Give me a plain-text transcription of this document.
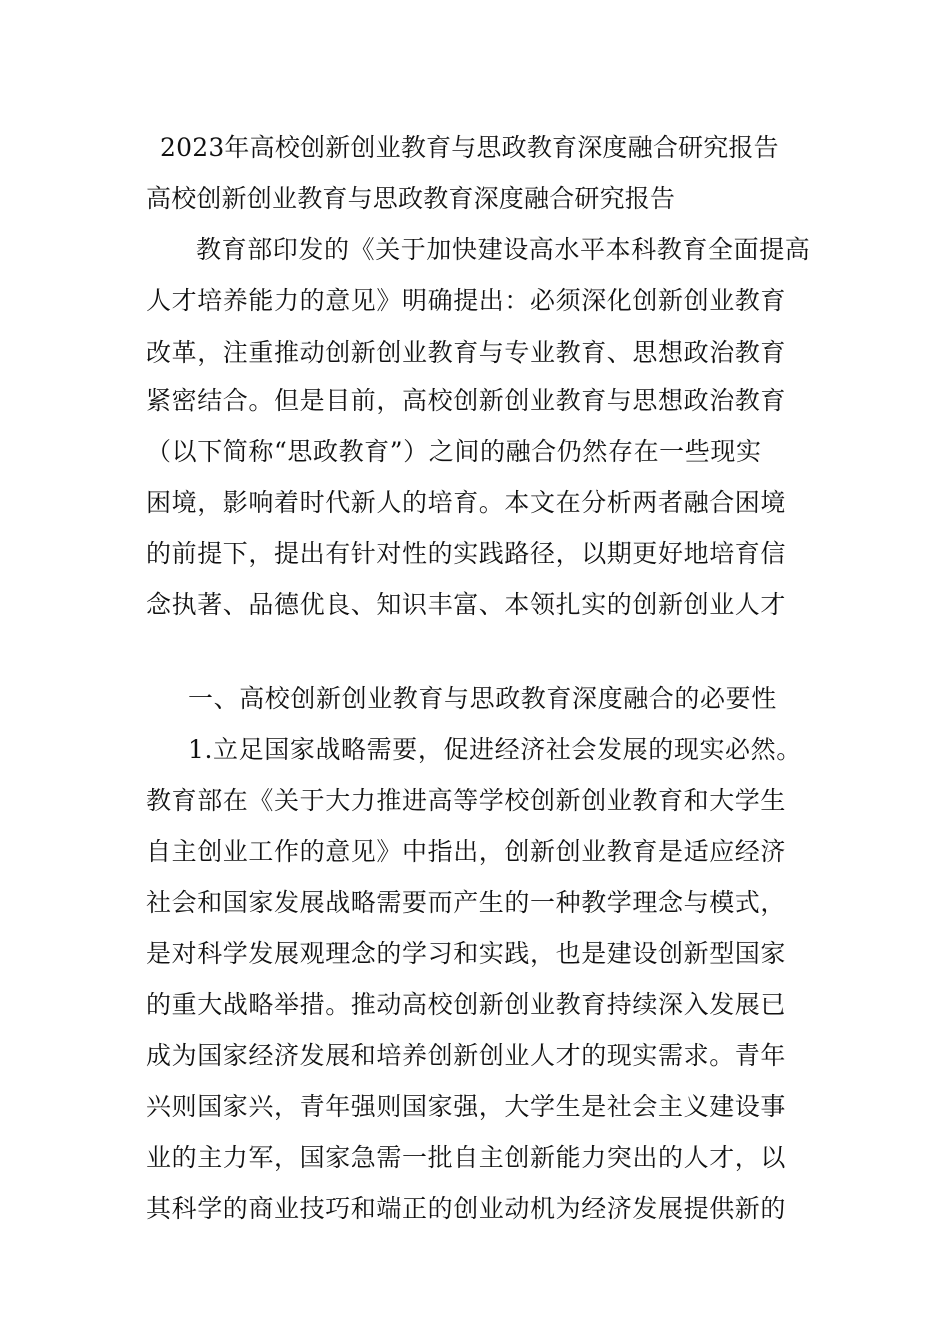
2023年高校创新创业教育与思政教育深度融合研究报告
高校创新创业教育与思政教育深度融合研究报告
教育部印发的《关于加快建设高水平本科教育全面提高
人才培养能力的意见》明确提出：必须深化创新创业教育
改革，注重推动创新创业教育与专业教育、思想政治教育
紧密结合。但是目前，高校创新创业教育与思想政治教育
（以下简称“思政教育”）之间的融合仍然存在一些现实
困境，影响着时代新人的培育。本文在分析两者融合困境
的前提下，提出有针对性的实践路径，以期更好地培育信
念执著、品德优良、知识丰富、本领扎实的创新创业人才
一、高校创新创业教育与思政教育深度融合的必要性
1.立足国家战略需要，促进经济社会发展的现实必然。
教育部在《关于大力推进高等学校创新创业教育和大学生
自主创业工作的意见》中指出，创新创业教育是适应经济
社会和国家发展战略需要而产生的一种教学理念与模式，
是对科学发展观理念的学习和实践，也是建设创新型国家
的重大战略举措。推动高校创新创业教育持续深入发展已
成为国家经济发展和培养创新创业人才的现实需求。青年
兴则国家兴，青年强则国家强，大学生是社会主义建设事
业的主力军，国家急需一批自主创新能力突出的人才，以
其科学的商业技巧和端正的创业动机为经济发展提供新的
